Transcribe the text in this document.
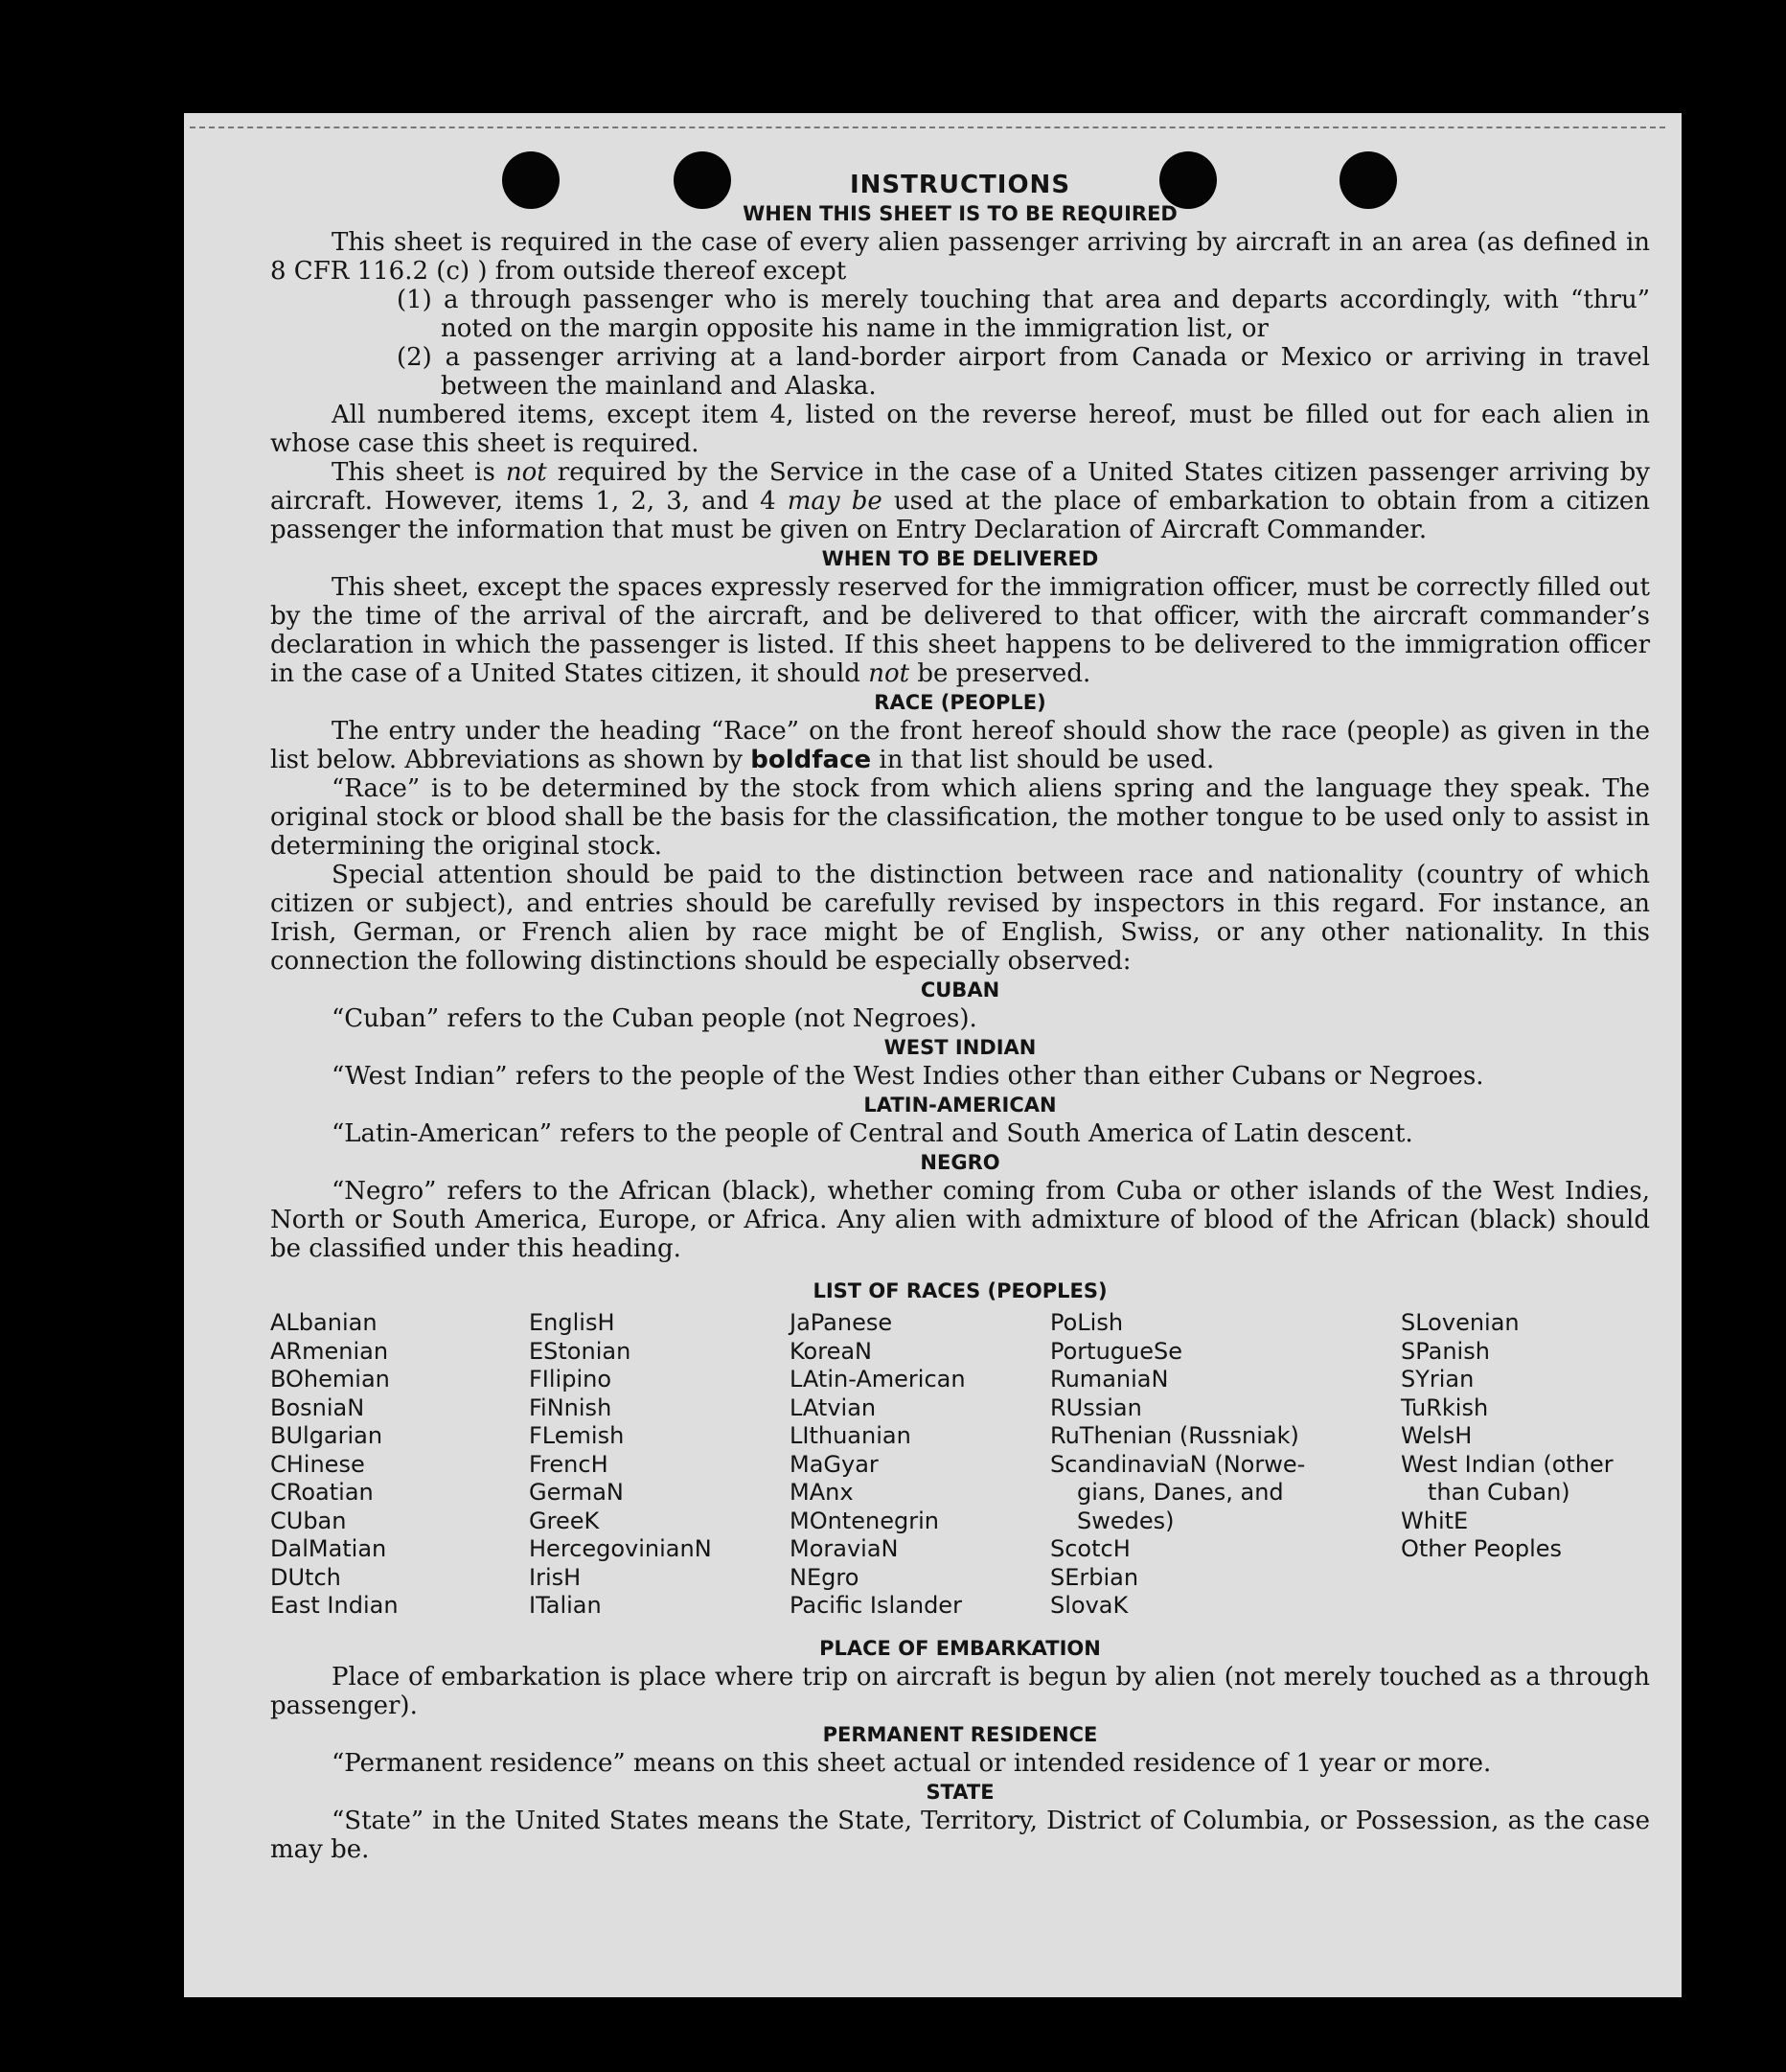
INSTRUCTIONS
WHEN THIS SHEET IS TO BE REQUIRED

This sheet is required in the case of every alien passenger arriving by aircraft in an area (as defined in 8 CFR 116.2 (c) ) from outside thereof except

(1) a through passenger who is merely touching that area and departs accordingly, with “thru” noted on the margin opposite his name in the immigration list, or

(2) a passenger arriving at a land-border airport from Canada or Mexico or arriving in travel between the mainland and Alaska.

All numbered items, except item 4, listed on the reverse hereof, must be filled out for each alien in whose case this sheet is required.

This sheet is not required by the Service in the case of a United States citizen passenger arriving by aircraft. However, items 1, 2, 3, and 4 may be used at the place of embarkation to obtain from a citizen passenger the information that must be given on Entry Declaration of Aircraft Commander.

WHEN TO BE DELIVERED

This sheet, except the spaces expressly reserved for the immigration officer, must be correctly filled out by the time of the arrival of the aircraft, and be delivered to that officer, with the aircraft commander’s declaration in which the passenger is listed. If this sheet happens to be delivered to the immigration officer in the case of a United States citizen, it should not be preserved.

RACE (PEOPLE)

The entry under the heading “Race” on the front hereof should show the race (people) as given in the list below. Abbreviations as shown by boldface in that list should be used.

“Race” is to be determined by the stock from which aliens spring and the language they speak. The original stock or blood shall be the basis for the classification, the mother tongue to be used only to assist in determining the original stock.

Special attention should be paid to the distinction between race and nationality (country of which citizen or subject), and entries should be carefully revised by inspectors in this regard. For instance, an Irish, German, or French alien by race might be of English, Swiss, or any other nationality. In this connection the following distinctions should be especially observed:

CUBAN

“Cuban” refers to the Cuban people (not Negroes).

WEST INDIAN

“West Indian” refers to the people of the West Indies other than either Cubans or Negroes.

LATIN-AMERICAN

“Latin-American” refers to the people of Central and South America of Latin descent.

NEGRO

“Negro” refers to the African (black), whether coming from Cuba or other islands of the West Indies, North or South America, Europe, or Africa. Any alien with admixture of blood of the African (black) should be classified under this heading.

LIST OF RACES (PEOPLES)
ALbanian
ARmenian
BOhemian
BosniaN
BUlgarian
CHinese
CRoatian
CUban
DalMatian
DUtch
East Indian
EnglisH
EStonian
FIlipino
FiNnish
FLemish
FrencH
GermaN
GreeK
HercegovinianN
IrisH
ITalian
JaPanese
KoreaN
LAtin-American
LAtvian
LIthuanian
MaGyar
MAnx
MOntenegrin
MoraviaN
NEgro
Pacific Islander
PoLish
PortugueSe
RumaniaN
RUssian
RuThenian (Russniak)
ScandinaviaN (Norwe-
gians, Danes, and
Swedes)
ScotcH
SErbian
SlovaK
SLovenian
SPanish
SYrian
TuRkish
WelsH
West Indian (other
than Cuban)
WhitE
Other Peoples
PLACE OF EMBARKATION

Place of embarkation is place where trip on aircraft is begun by alien (not merely touched as a through passenger).

PERMANENT RESIDENCE

“Permanent residence” means on this sheet actual or intended residence of 1 year or more.

STATE

“State” in the United States means the State, Territory, District of Columbia, or Possession, as the case may be.
